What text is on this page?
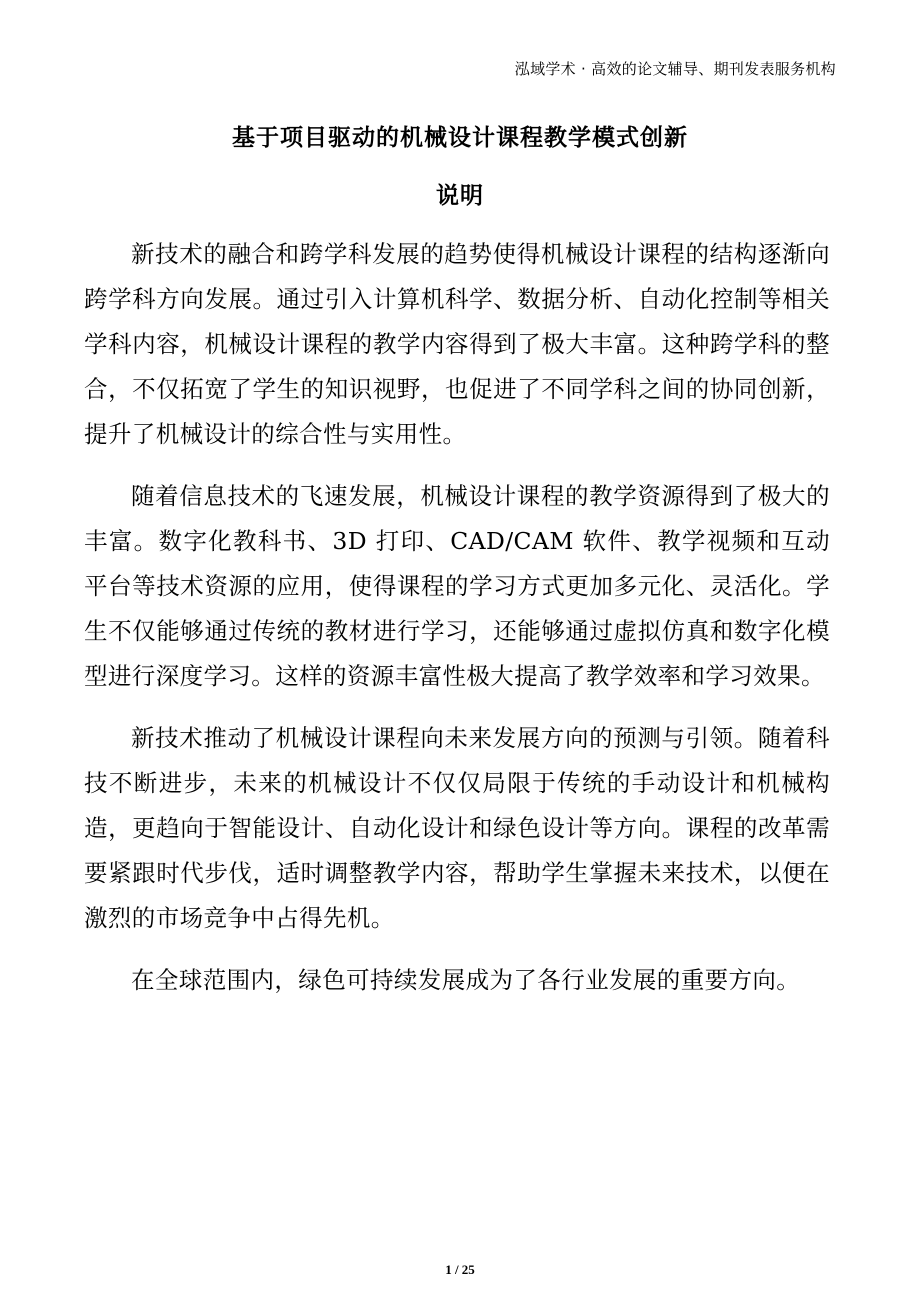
泓域学术 · 高效的论文辅导、期刊发表服务机构
基于项目驱动的机械设计课程教学模式创新
说明

新技术的融合和跨学科发展的趋势使得机械设计课程的结构逐渐向跨学科方向发展。通过引入计算机科学、数据分析、自动化控制等相关学科内容，机械设计课程的教学内容得到了极大丰富。这种跨学科的整合，不仅拓宽了学生的知识视野，也促进了不同学科之间的协同创新，提升了机械设计的综合性与实用性。

随着信息技术的飞速发展，机械设计课程的教学资源得到了极大的丰富。数字化教科书、3D 打印、CAD/CAM 软件、教学视频和互动平台等技术资源的应用，使得课程的学习方式更加多元化、灵活化。学生不仅能够通过传统的教材进行学习，还能够通过虚拟仿真和数字化模型进行深度学习。这样的资源丰富性极大提高了教学效率和学习效果。

新技术推动了机械设计课程向未来发展方向的预测与引领。随着科技不断进步，未来的机械设计不仅仅局限于传统的手动设计和机械构造，更趋向于智能设计、自动化设计和绿色设计等方向。课程的改革需要紧跟时代步伐，适时调整教学内容，帮助学生掌握未来技术，以便在激烈的市场竞争中占得先机。

在全球范围内，绿色可持续发展成为了各行业发展的重要方向。

1 / 25
